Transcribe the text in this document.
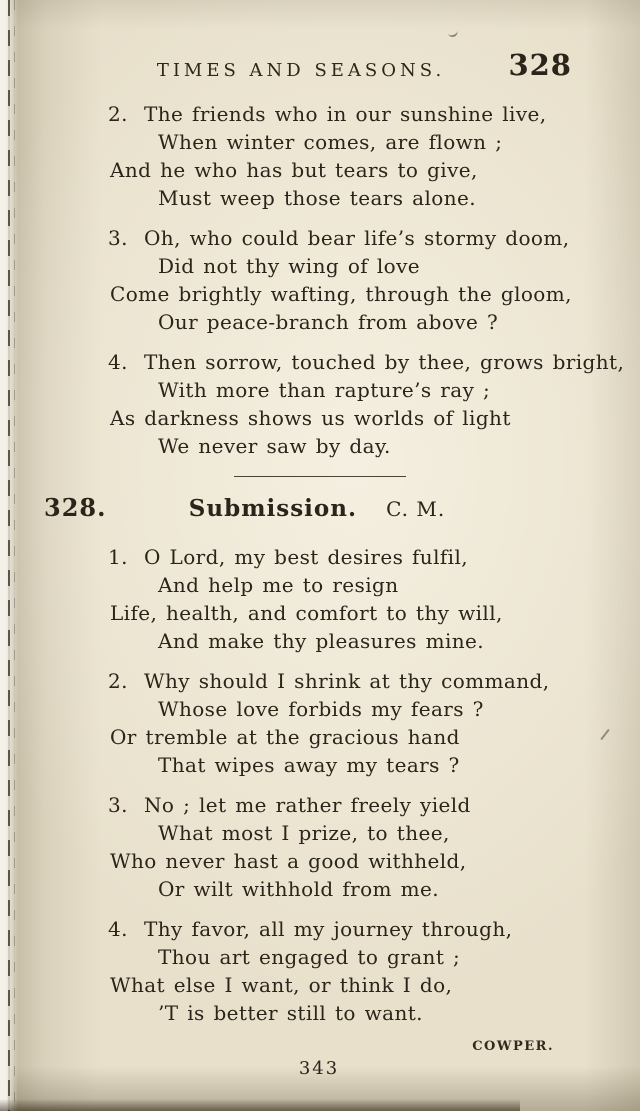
TIMES AND SEASONS.	328
2. The friends who in our sunshine live,
When winter comes, are flown ;
And he who has but tears to give,
Must weep those tears alone.
3. Oh, who could bear life’s stormy doom,
Did not thy wing of love
Come brightly wafting, through the gloom,
Our peace-branch from above ?
4. Then sorrow, touched by thee, grows bright,
With more than rapture’s ray ;
As darkness shows us worlds of light
We never saw by day.
328.	Submission. C. M.
1. O Lord, my best desires fulfil,
And help me to resign
Life, health, and comfort to thy will,
And make thy pleasures mine.
2. Why should I shrink at thy command,
Whose love forbids my fears ?
Or tremble at the gracious hand
That wipes away my tears ?
3. No ; let me rather freely yield
What most I prize, to thee,
Who never hast a good withheld,
Or wilt withhold from me.
4. Thy favor, all my journey through,
Thou art engaged to grant ;
What else I want, or think I do,
’T is better still to want.
COWPER.
343
